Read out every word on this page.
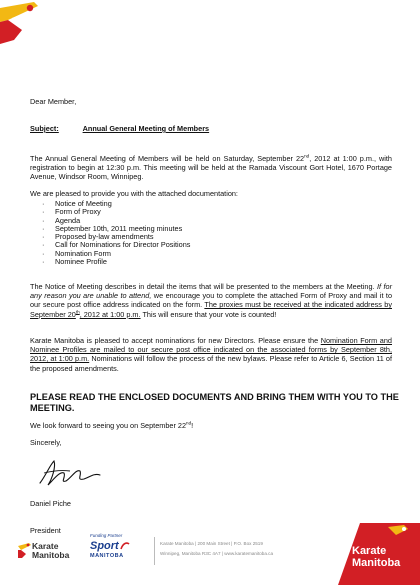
Dear Member,
Subject:	Annual General Meeting of Members
The Annual General Meeting of Members will be held on Saturday, September 22nd, 2012 at 1:00 p.m., with registration to begin at 12:30 p.m. This meeting will be held at the Ramada Viscount Gort Hotel, 1670 Portage Avenue, Windsor Room, Winnipeg.
We are pleased to provide you with the attached documentation:
· Notice of Meeting
· Form of Proxy
· Agenda
· September 10th, 2011 meeting minutes
· Proposed by-law amendments
· Call for Nominations for Director Positions
· Nomination Form
· Nominee Profile
The Notice of Meeting describes in detail the items that will be presented to the members at the Meeting. If for any reason you are unable to attend, we encourage you to complete the attached Form of Proxy and mail it to our secure post office address indicated on the form. The proxies must be received at the indicated address by September 20th, 2012 at 1:00 p.m. This will ensure that your vote is counted!
Karate Manitoba is pleased to accept nominations for new Directors. Please ensure the Nomination Form and Nominee Profiles are mailed to our secure post office indicated on the associated forms by September 8th, 2012, at 1:00 p.m. Nominations will follow the process of the new bylaws. Please refer to Article 6, Section 11 of the proposed amendments.
PLEASE READ THE ENCLOSED DOCUMENTS AND BRING THEM WITH YOU TO THE MEETING.
We look forward to seeing you on September 22nd!
Sincerely,
Daniel Piche
President
Karate
Manitoba
Funding Partner
Sport
MANITOBA
Karate Manitoba | 200 Main Street | P.O. Box 2519
Winnipeg, Manitoba R3C 4A7 | www.karatemanitoba.ca	Karate
Manitoba
